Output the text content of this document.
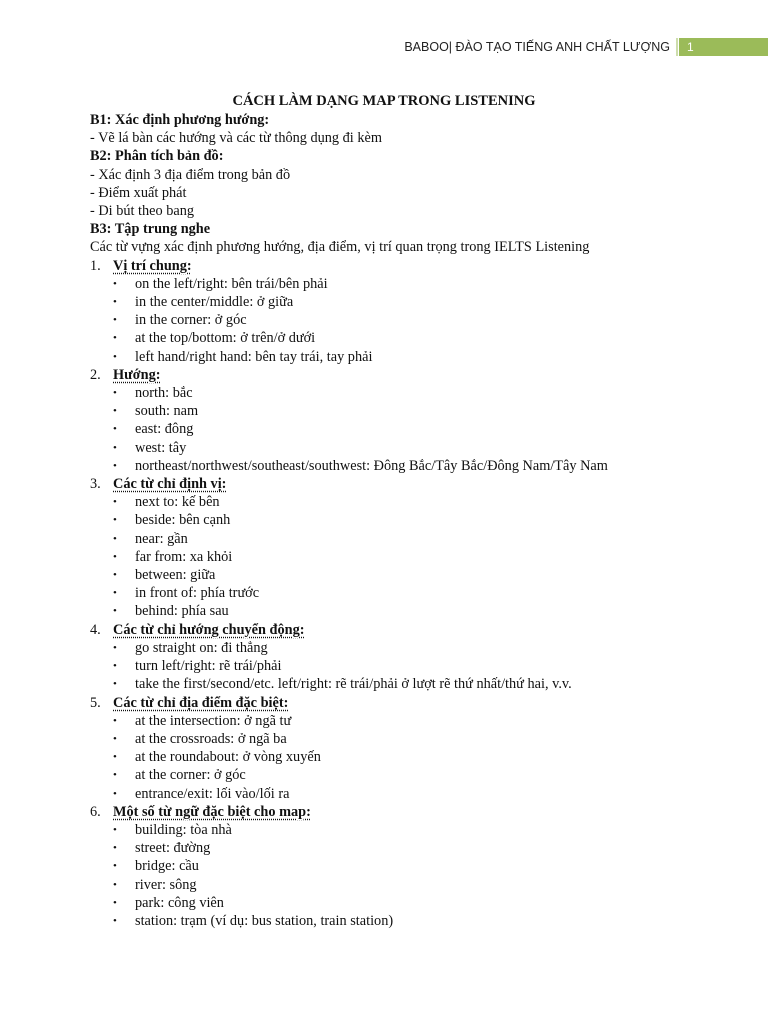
BABOO| ĐÀO TẠO TIẾNG ANH CHẤT LƯỢNG	1
CÁCH LÀM DẠNG MAP TRONG LISTENING
B1: Xác định phương hướng:
- Vẽ lá bàn các hướng và các từ thông dụng đi kèm
B2: Phân tích bản đồ:
- Xác định 3 địa điểm trong bản đồ
- Điểm xuất phát
- Di bút theo bang
B3: Tập trung nghe
Các từ vựng xác định phương hướng, địa điểm, vị trí quan trọng trong IELTS Listening
1. Vị trí chung:
• on the left/right: bên trái/bên phải
• in the center/middle: ở giữa
• in the corner: ở góc
• at the top/bottom: ở trên/ở dưới
• left hand/right hand: bên tay trái, tay phải
2. Hướng:
• north: bắc
• south: nam
• east: đông
• west: tây
• northeast/northwest/southeast/southwest: Đông Bắc/Tây Bắc/Đông Nam/Tây Nam
3. Các từ chỉ định vị:
• next to: kế bên
• beside: bên cạnh
• near: gần
• far from: xa khỏi
• between: giữa
• in front of: phía trước
• behind: phía sau
4. Các từ chỉ hướng chuyển động:
• go straight on: đi thẳng
• turn left/right: rẽ trái/phải
• take the first/second/etc. left/right: rẽ trái/phải ở lượt rẽ thứ nhất/thứ hai, v.v.
5. Các từ chỉ địa điểm đặc biệt:
• at the intersection: ở ngã tư
• at the crossroads: ở ngã ba
• at the roundabout: ở vòng xuyến
• at the corner: ở góc
• entrance/exit: lối vào/lối ra
6. Một số từ ngữ đặc biệt cho map:
• building: tòa nhà
• street: đường
• bridge: cầu
• river: sông
• park: công viên
• station: trạm (ví dụ: bus station, train station)
